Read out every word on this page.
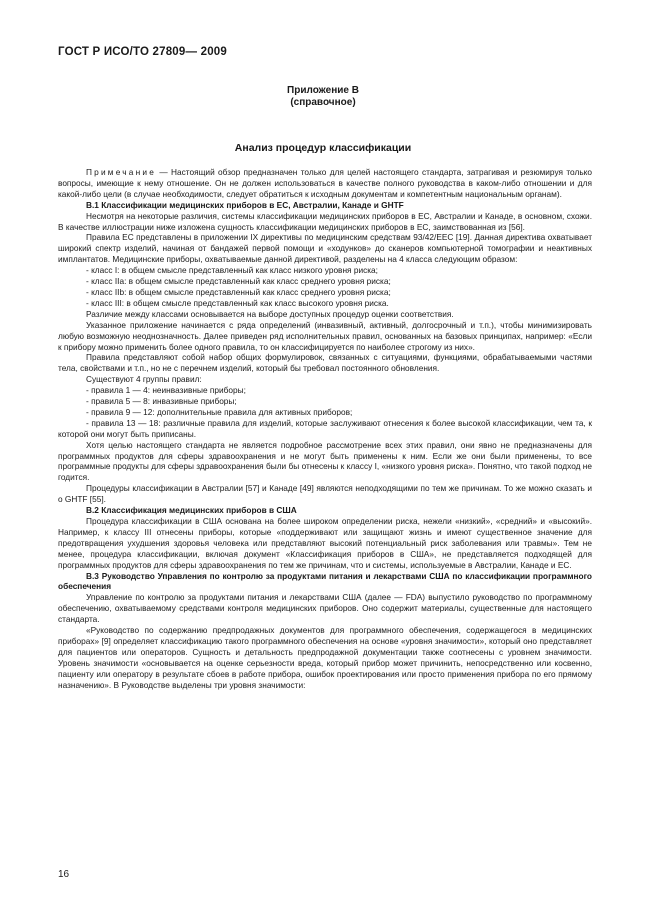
ГОСТ Р ИСО/ТО 27809— 2009
Приложение В
(справочное)
Анализ процедур классификации

Примечание — Настоящий обзор предназначен только для целей настоящего стандарта, затрагивая и резюмируя только вопросы, имеющие к нему отношение. Он не должен использоваться в качестве полного руководства в каком-либо отношении и для какой-либо цели (в случае необходимости, следует обратиться к исходным документам и компетентным национальным органам).

В.1 Классификации медицинских приборов в ЕС, Австралии, Канаде и GHTF

Несмотря на некоторые различия, системы классификации медицинских приборов в ЕС, Австралии и Канаде, в основном, схожи. В качестве иллюстрации ниже изложена сущность классификации медицинских приборов в ЕС, заимствованная из [56].

Правила ЕС представлены в приложении IX директивы по медицинским средствам 93/42/ЕЕС [19]. Данная директива охватывает широкий спектр изделий, начиная от бандажей первой помощи и «ходунков» до сканеров компьютерной томографии и неактивных имплантатов. Медицинские приборы, охватываемые данной директивой, разделены на 4 класса следующим образом:

- класс I: в общем смысле представленный как класс низкого уровня риска;

- класс IIa: в общем смысле представленный как класс среднего уровня риска;

- класс IIb: в общем смысле представленный как класс среднего уровня риска;

- класс III: в общем смысле представленный как класс высокого уровня риска.

Различие между классами основывается на выборе доступных процедур оценки соответствия.

Указанное приложение начинается с ряда определений (инвазивный, активный, долгосрочный и т.п.), чтобы минимизировать любую возможную неоднозначность. Далее приведен ряд исполнительных правил, основанных на базовых принципах, например: «Если к прибору можно применить более одного правила, то он классифицируется по наиболее строгому из них».

Правила представляют собой набор общих формулировок, связанных с ситуациями, функциями, обрабатываемыми частями тела, свойствами и т.п., но не с перечнем изделий, который бы требовал постоянного обновления.

Существуют 4 группы правил:

- правила 1 — 4: неинвазивные приборы;

- правила 5 — 8: инвазивные приборы;

- правила 9 — 12: дополнительные правила для активных приборов;

- правила 13 — 18: различные правила для изделий, которые заслуживают отнесения к более высокой классификации, чем та, к которой они могут быть приписаны.

Хотя целью настоящего стандарта не является подробное рассмотрение всех этих правил, они явно не предназначены для программных продуктов для сферы здравоохранения и не могут быть применены к ним. Если же они были применены, то все программные продукты для сферы здравоохранения были бы отнесены к классу I, «низкого уровня риска». Понятно, что такой подход не годится.

Процедуры классификации в Австралии [57] и Канаде [49] являются неподходящими по тем же причинам. То же можно сказать и о GHTF [55].

В.2 Классификация медицинских приборов в США

Процедура классификации в США основана на более широком определении риска, нежели «низкий», «средний» и «высокий». Например, к классу III отнесены приборы, которые «поддерживают или защищают жизнь и имеют существенное значение для предотвращения ухудшения здоровья человека или представляют высокий потенциальный риск заболевания или травмы». Тем не менее, процедура классификации, включая документ «Классификация приборов в США», не представляется подходящей для программных продуктов для сферы здравоохранения по тем же причинам, что и системы, используемые в Австралии, Канаде и ЕС.

В.3 Руководство Управления по контролю за продуктами питания и лекарствами США по классификации программного обеспечения

Управление по контролю за продуктами питания и лекарствами США (далее — FDA) выпустило руководство по программному обеспечению, охватываемому средствами контроля медицинских приборов. Оно содержит материалы, существенные для настоящего стандарта.

«Руководство по содержанию предпродажных документов для программного обеспечения, содержащегося в медицинских приборах» [9] определяет классификацию такого программного обеспечения на основе «уровня значимости», который оно представляет для пациентов или операторов. Сущность и детальность предпродажной документации также соотнесены с уровнем значимости. Уровень значимости «основывается на оценке серьезности вреда, который прибор может причинить, непосредственно или косвенно, пациенту или оператору в результате сбоев в работе прибора, ошибок проектирования или просто применения прибора по его прямому назначению». В Руководстве выделены три уровня значимости:

16
